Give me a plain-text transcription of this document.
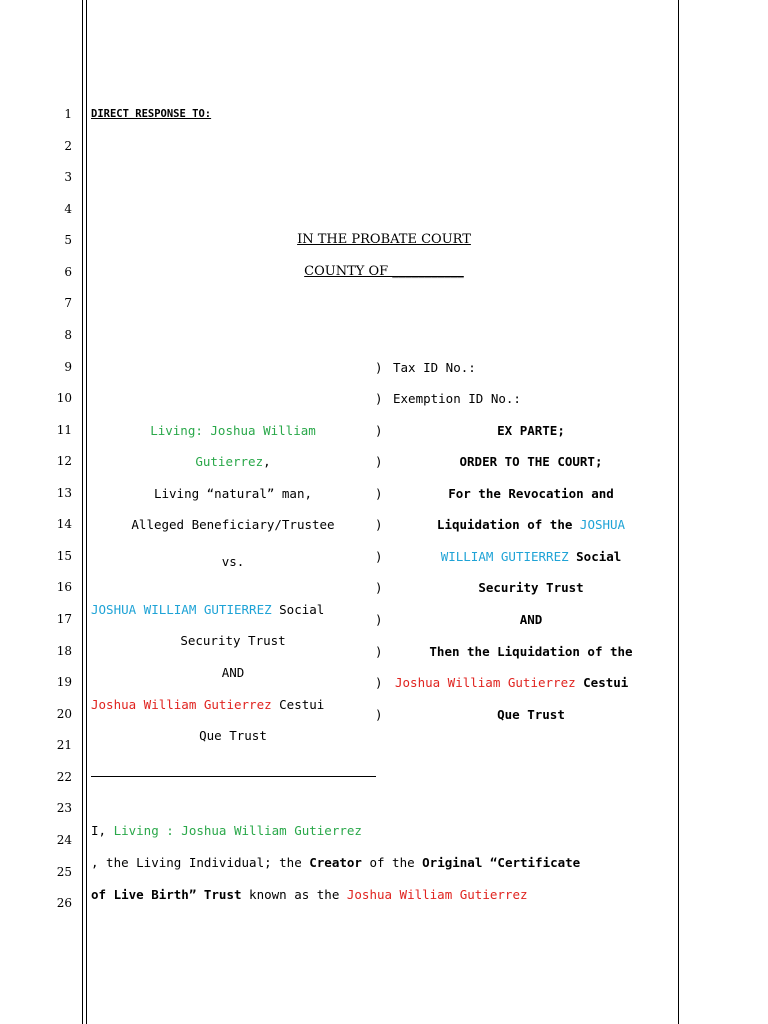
1
2
3
4
5
6
7
8
9
10
11
12
13
14
15
16
17
18
19
20
21
22
23
24
25
26
DIRECT RESPONSE TO:
IN THE PROBATE COURT
COUNTY OF ___________
)
)
)
)
)
)
)
)
)
)
)
)
Living: Joshua William
Gutierrez,
Living “natural” man,
Alleged Beneficiary/Trustee
vs.
JOSHUA WILLIAM GUTIERREZ Social
Security Trust
AND
Joshua William Gutierrez Cestui
Que Trust
Tax ID No.:
Exemption ID No.:
EX PARTE;
ORDER TO THE COURT;
For the Revocation and
Liquidation of the JOSHUA
WILLIAM GUTIERREZ Social
Security Trust
AND
Then the Liquidation of the
Joshua William Gutierrez Cestui
Que Trust
I, Living : Joshua William Gutierrez
, the Living Individual; the Creator of the Original “Certificate
of Live Birth” Trust known as the Joshua William Gutierrez
